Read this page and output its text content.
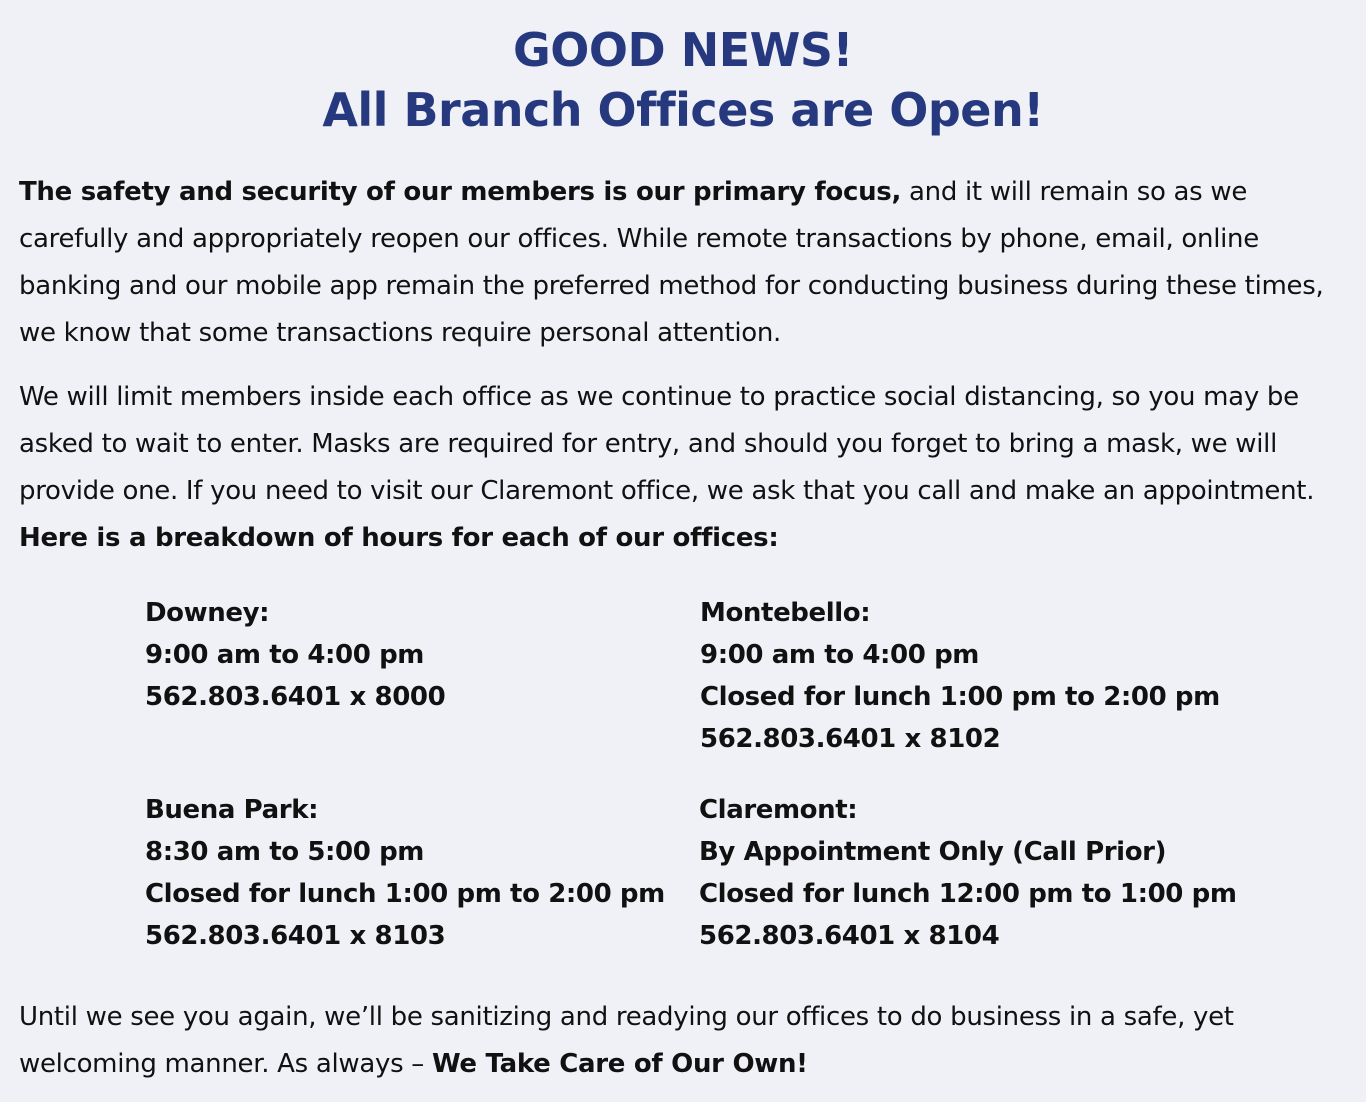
GOOD NEWS!
All Branch Offices are Open!

The safety and security of our members is our primary focus, and it will remain so as we carefully and appropriately reopen our offices. While remote transactions by phone, email, online banking and our mobile app remain the preferred method for conducting business during these times, we know that some transactions require personal attention.

We will limit members inside each office as we continue to practice social distancing, so you may be asked to wait to enter. Masks are required for entry, and should you forget to bring a mask, we will provide one. If you need to visit our Claremont office, we ask that you call and make an appointment. Here is a breakdown of hours for each of our offices:

Downey:
9:00 am to 4:00 pm
562.803.6401 x 8000
Montebello:
9:00 am to 4:00 pm
Closed for lunch 1:00 pm to 2:00 pm
562.803.6401 x 8102
Buena Park:
8:30 am to 5:00 pm
Closed for lunch 1:00 pm to 2:00 pm
562.803.6401 x 8103
Claremont:
By Appointment Only (Call Prior)
Closed for lunch 12:00 pm to 1:00 pm
562.803.6401 x 8104

Until we see you again, we’ll be sanitizing and readying our offices to do business in a safe, yet welcoming manner. As always – We Take Care of Our Own!
